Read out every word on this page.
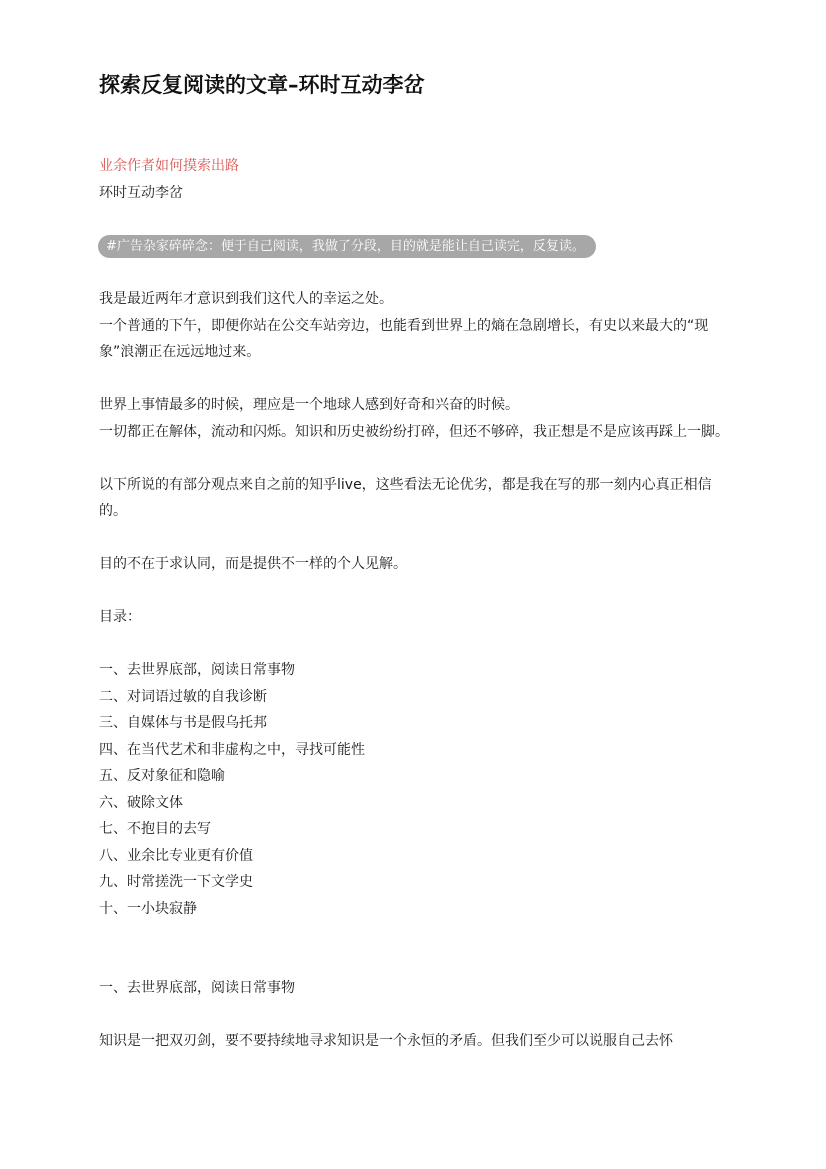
探索反复阅读的文章–环时互动李岔
业余作者如何摸索出路
环时互动李岔
#广告杂家碎碎念：便于自己阅读，我做了分段，目的就是能让自己读完，反复读。

我是最近两年才意识到我们这代人的幸运之处。

一个普通的下午，即便你站在公交车站旁边，也能看到世界上的熵在急剧增长，有史以来最大的“现象”浪潮正在远远地过来。

世界上事情最多的时候，理应是一个地球人感到好奇和兴奋的时候。

一切都正在解体，流动和闪烁。知识和历史被纷纷打碎，但还不够碎，我正想是不是应该再踩上一脚。

以下所说的有部分观点来自之前的知乎live，这些看法无论优劣，都是我在写的那一刻内心真正相信的。

目的不在于求认同，而是提供不一样的个人见解。

目录：

一、去世界底部，阅读日常事物
二、对词语过敏的自我诊断
三、自媒体与书是假乌托邦
四、在当代艺术和非虚构之中，寻找可能性
五、反对象征和隐喻
六、破除文体
七、不抱目的去写
八、业余比专业更有价值
九、时常搓洗一下文学史
十、一小块寂静

一、去世界底部，阅读日常事物

知识是一把双刃剑，要不要持续地寻求知识是一个永恒的矛盾。但我们至少可以说服自己去怀
